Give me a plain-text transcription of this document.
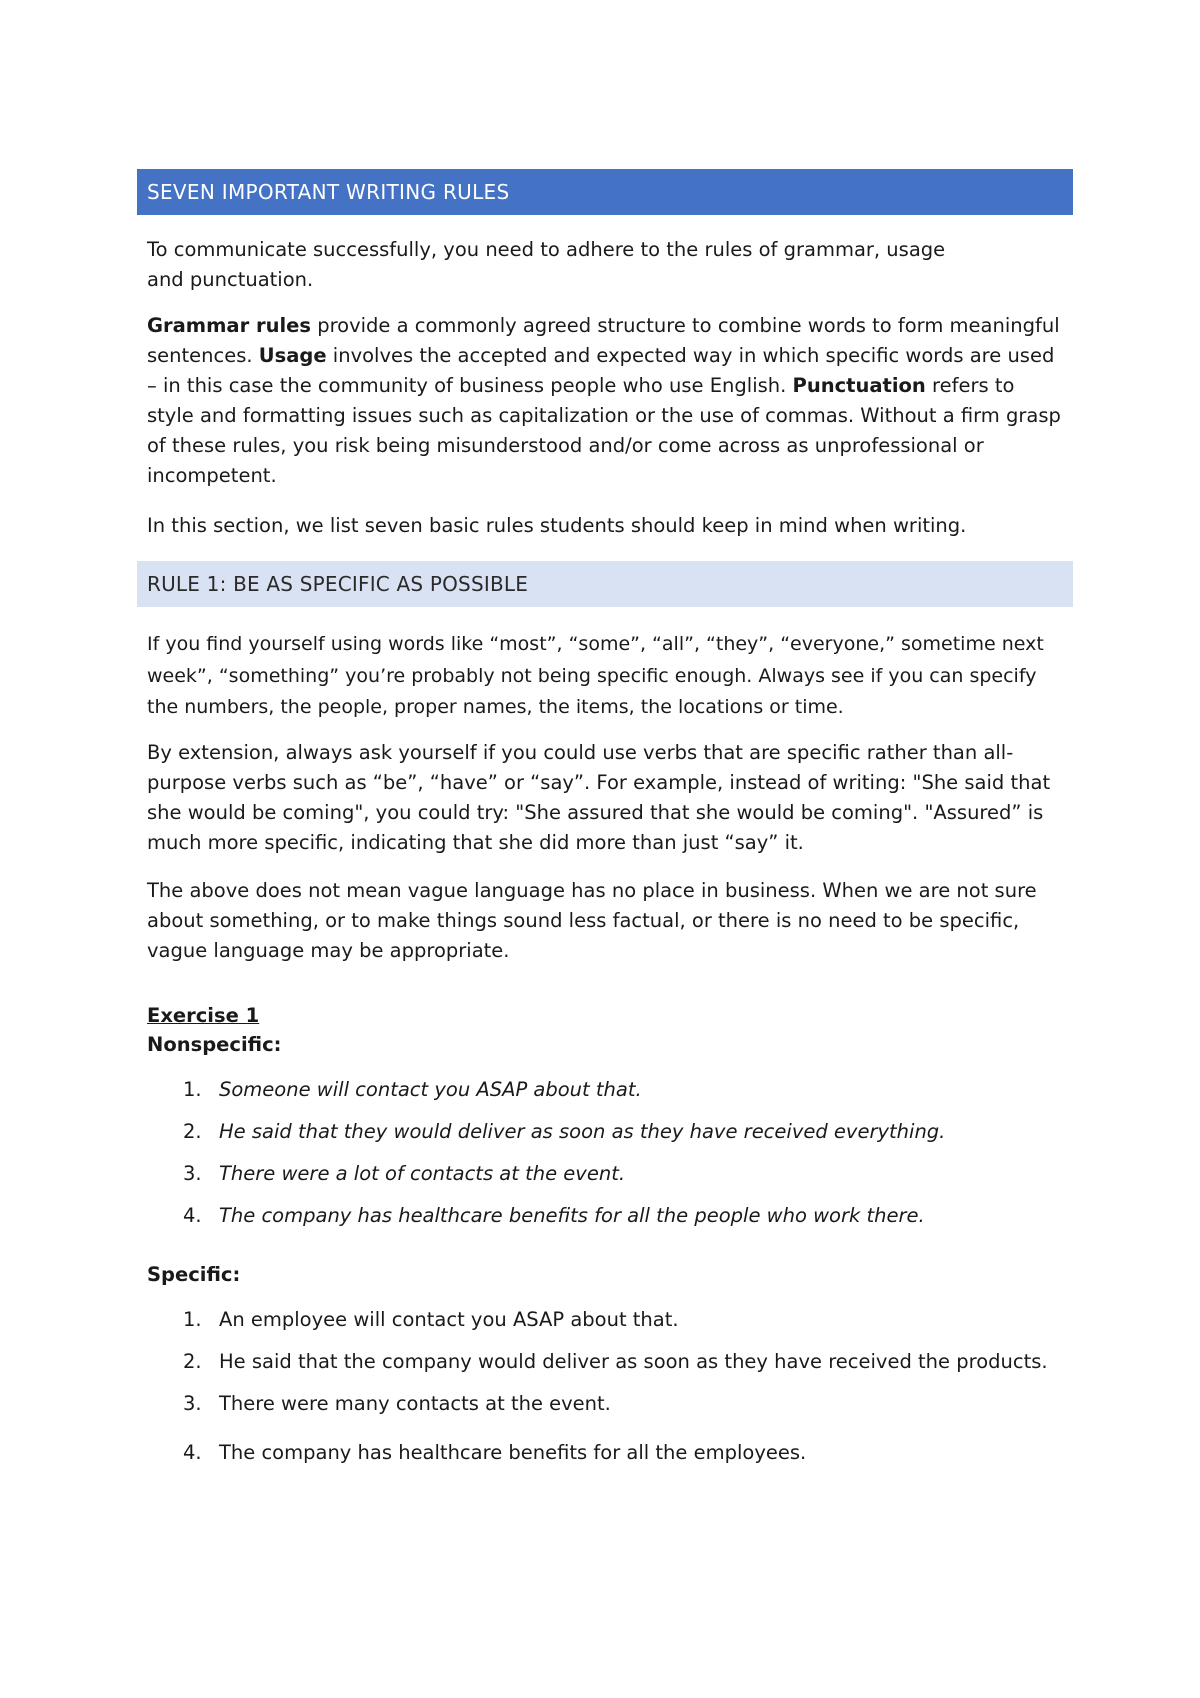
SEVEN IMPORTANT WRITING RULES

To communicate successfully, you need to adhere to the rules of grammar, usage
and punctuation.

Grammar rules provide a commonly agreed structure to combine words to form meaningful sentences. Usage involves the accepted and expected way in which specific words are used – in this case the community of business people who use English. Punctuation refers to style and formatting issues such as capitalization or the use of commas. Without a firm grasp of these rules, you risk being misunderstood and/or come across as unprofessional or incompetent.

In this section, we list seven basic rules students should keep in mind when writing.

RULE 1: BE AS SPECIFIC AS POSSIBLE

If you find yourself using words like “most”, “some”, “all”, “they”, “everyone,” sometime next week”, “something” you’re probably not being specific enough. Always see if you can specify the numbers, the people, proper names, the items, the locations or time.

By extension, always ask yourself if you could use verbs that are specific rather than all-purpose verbs such as “be”, “have” or “say”. For example, instead of writing: "She said that she would be coming", you could try: "She assured that she would be coming". "Assured” is much more specific, indicating that she did more than just “say” it.

The above does not mean vague language has no place in business. When we are not sure about something, or to make things sound less factual, or there is no need to be specific, vague language may be appropriate.

Exercise 1
Nonspecific:
1. Someone will contact you ASAP about that.
2. He said that they would deliver as soon as they have received everything.
3. There were a lot of contacts at the event.
4. The company has healthcare benefits for all the people who work there.
Specific:
1. An employee will contact you ASAP about that.
2. He said that the company would deliver as soon as they have received the products.
3. There were many contacts at the event.
4. The company has healthcare benefits for all the employees.
